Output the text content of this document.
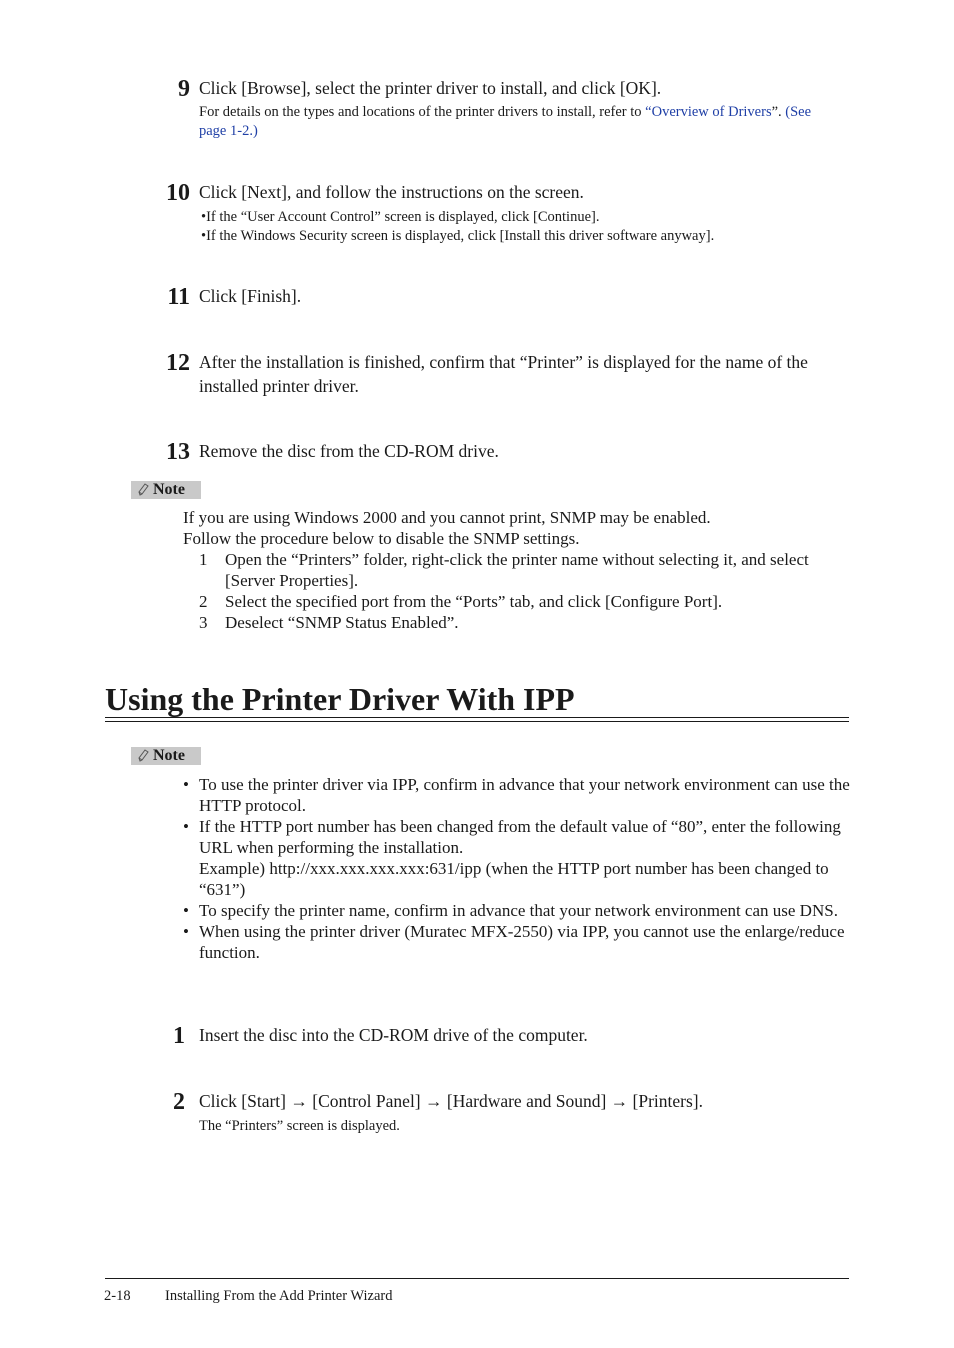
9 Click [Browse], select the printer driver to install, and click [OK].
For details on the types and locations of the printer drivers to install, refer to “Overview of Drivers”. (See page 1-2.)
10 Click [Next], and follow the instructions on the screen.
•If the “User Account Control” screen is displayed, click [Continue].
•If the Windows Security screen is displayed, click [Install this driver software anyway].
11 Click [Finish].
12 After the installation is finished, confirm that “Printer” is displayed for the name of the installed printer driver.
13 Remove the disc from the CD-ROM drive.
Note
If you are using Windows 2000 and you cannot print, SNMP may be enabled.
Follow the procedure below to disable the SNMP settings.
1	Open the “Printers” folder, right-click the printer name without selecting it, and select [Server Properties].
2	Select the specified port from the “Ports” tab, and click [Configure Port].
3	Deselect “SNMP Status Enabled”.
Using the Printer Driver With IPP
Note
• To use the printer driver via IPP, confirm in advance that your network environment can use the HTTP protocol.
• If the HTTP port number has been changed from the default value of “80”, enter the following URL when performing the installation.
Example) http://xxx.xxx.xxx.xxx:631/ipp (when the HTTP port number has been changed to “631”)
• To specify the printer name, confirm in advance that your network environment can use DNS.
• When using the printer driver (Muratec MFX-2550) via IPP, you cannot use the enlarge/reduce function.
1 Insert the disc into the CD-ROM drive of the computer.
2 Click [Start] → [Control Panel] → [Hardware and Sound] → [Printers].
The “Printers” screen is displayed.
2-18 Installing From the Add Printer Wizard
